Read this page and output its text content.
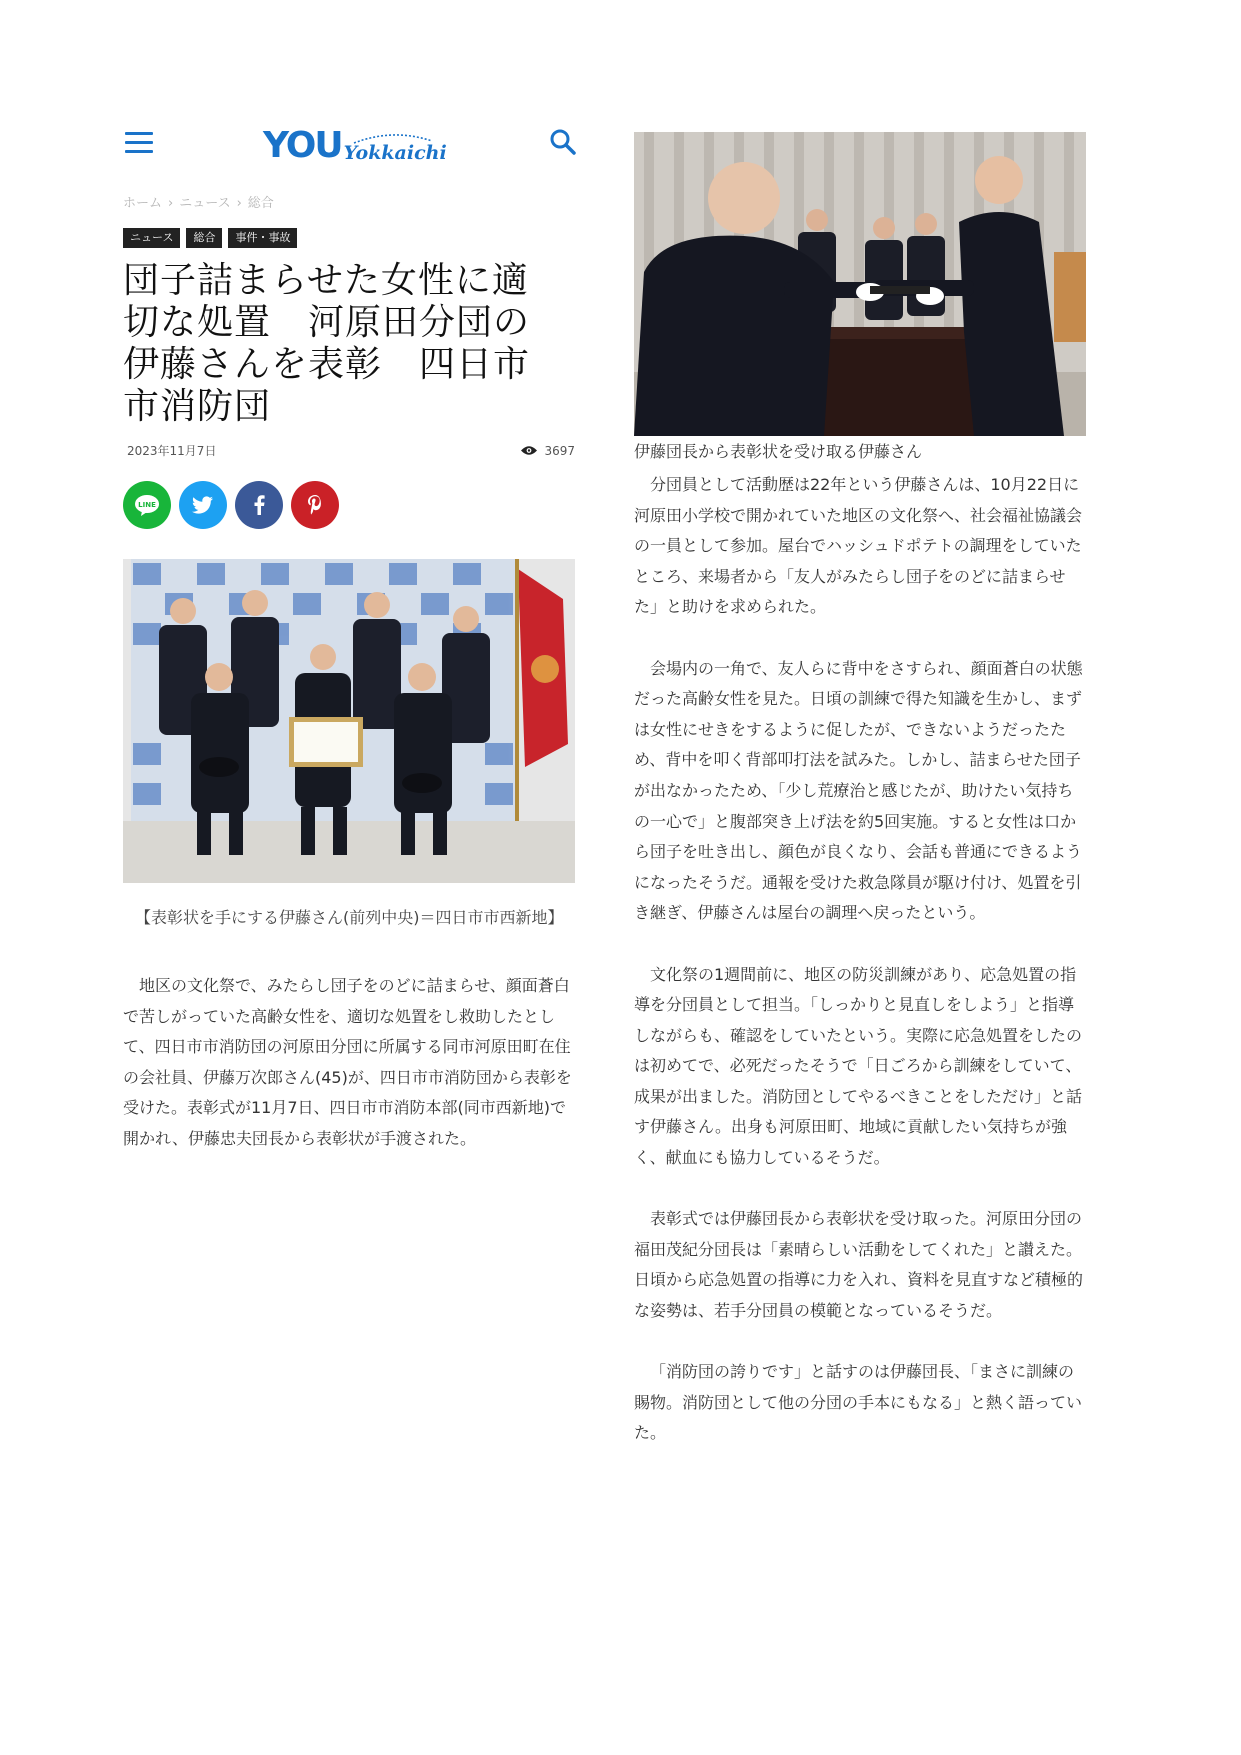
YOU Yokkaichi
ホーム › ニュース › 総合
ニュース	総合	事件・事故
団子詰まらせた女性に適
切な処置　河原田分団の
伊藤さんを表彰　四日市
市消防団
2023年11月7日	3697
LINE
【表彰状を手にする伊藤さん(前列中央)＝四日市市西新地】

地区の文化祭で、みたらし団子をのどに詰まらせ、顔面蒼白で苦しがっていた高齢女性を、適切な処置をし救助したとして、四日市市消防団の河原田分団に所属する同市河原田町在住の会社員、伊藤万次郎さん(45)が、四日市市消防団から表彰を受けた。表彰式が11月7日、四日市市消防本部(同市西新地)で開かれ、伊藤忠夫団長から表彰状が手渡された。

伊藤団長から表彰状を受け取る伊藤さん

分団員として活動歴は22年という伊藤さんは、10月22日に河原田小学校で開かれていた地区の文化祭へ、社会福祉協議会の一員として参加。屋台でハッシュドポテトの調理をしていたところ、来場者から「友人がみたらし団子をのどに詰まらせた」と助けを求められた。

会場内の一角で、友人らに背中をさすられ、顔面蒼白の状態だった高齢女性を見た。日頃の訓練で得た知識を生かし、まずは女性にせきをするように促したが、できないようだったため、背中を叩く背部叩打法を試みた。しかし、詰まらせた団子が出なかったため、「少し荒療治と感じたが、助けたい気持ちの一心で」と腹部突き上げ法を約5回実施。すると女性は口から団子を吐き出し、顔色が良くなり、会話も普通にできるようになったそうだ。通報を受けた救急隊員が駆け付け、処置を引き継ぎ、伊藤さんは屋台の調理へ戻ったという。

文化祭の1週間前に、地区の防災訓練があり、応急処置の指導を分団員として担当。「しっかりと見直しをしよう」と指導しながらも、確認をしていたという。実際に応急処置をしたのは初めてで、必死だったそうで「日ごろから訓練をしていて、成果が出ました。消防団としてやるべきことをしただけ」と話す伊藤さん。出身も河原田町、地域に貢献したい気持ちが強く、献血にも協力しているそうだ。

表彰式では伊藤団長から表彰状を受け取った。河原田分団の福田茂紀分団長は「素晴らしい活動をしてくれた」と讃えた。日頃から応急処置の指導に力を入れ、資料を見直すなど積極的な姿勢は、若手分団員の模範となっているそうだ。

「消防団の誇りです」と話すのは伊藤団長、「まさに訓練の賜物。消防団として他の分団の手本にもなる」と熱く語っていた。
